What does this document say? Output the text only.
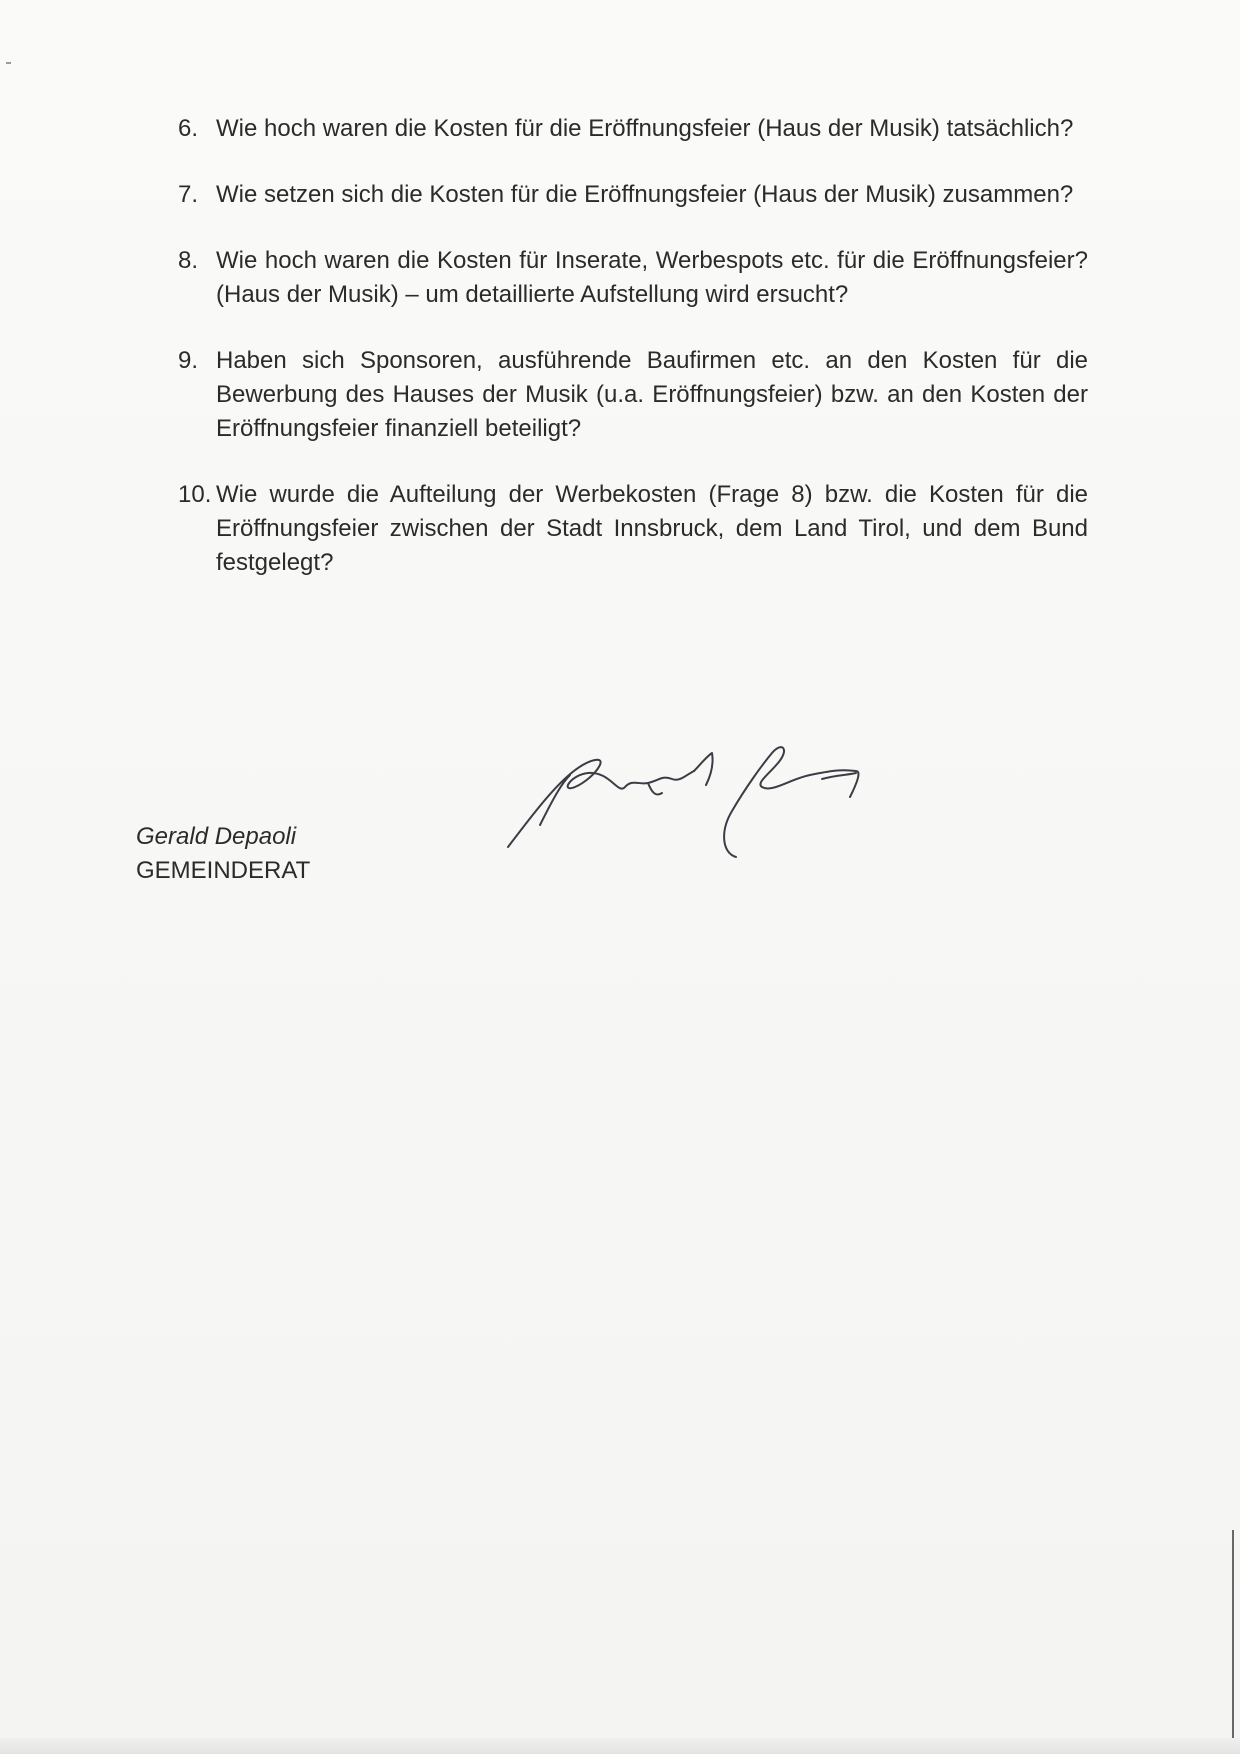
6. Wie hoch waren die Kosten für die Eröffnungsfeier (Haus der Musik) tatsächlich?
7. Wie setzen sich die Kosten für die Eröffnungsfeier (Haus der Musik) zusammen?
8. Wie hoch waren die Kosten für Inserate, Werbespots etc. für die Eröffnungsfeier? (Haus der Musik) – um detaillierte Aufstellung wird ersucht?
9. Haben sich Sponsoren, ausführende Baufirmen etc. an den Kosten für die Bewerbung des Hauses der Musik (u.a. Eröffnungsfeier) bzw. an den Kosten der Eröffnungsfeier finanziell beteiligt?
10. Wie wurde die Aufteilung der Werbekosten (Frage 8) bzw. die Kosten für die Eröffnungsfeier zwischen der Stadt Innsbruck, dem Land Tirol, und dem Bund festgelegt?
Gerald Depaoli
GEMEINDERAT
